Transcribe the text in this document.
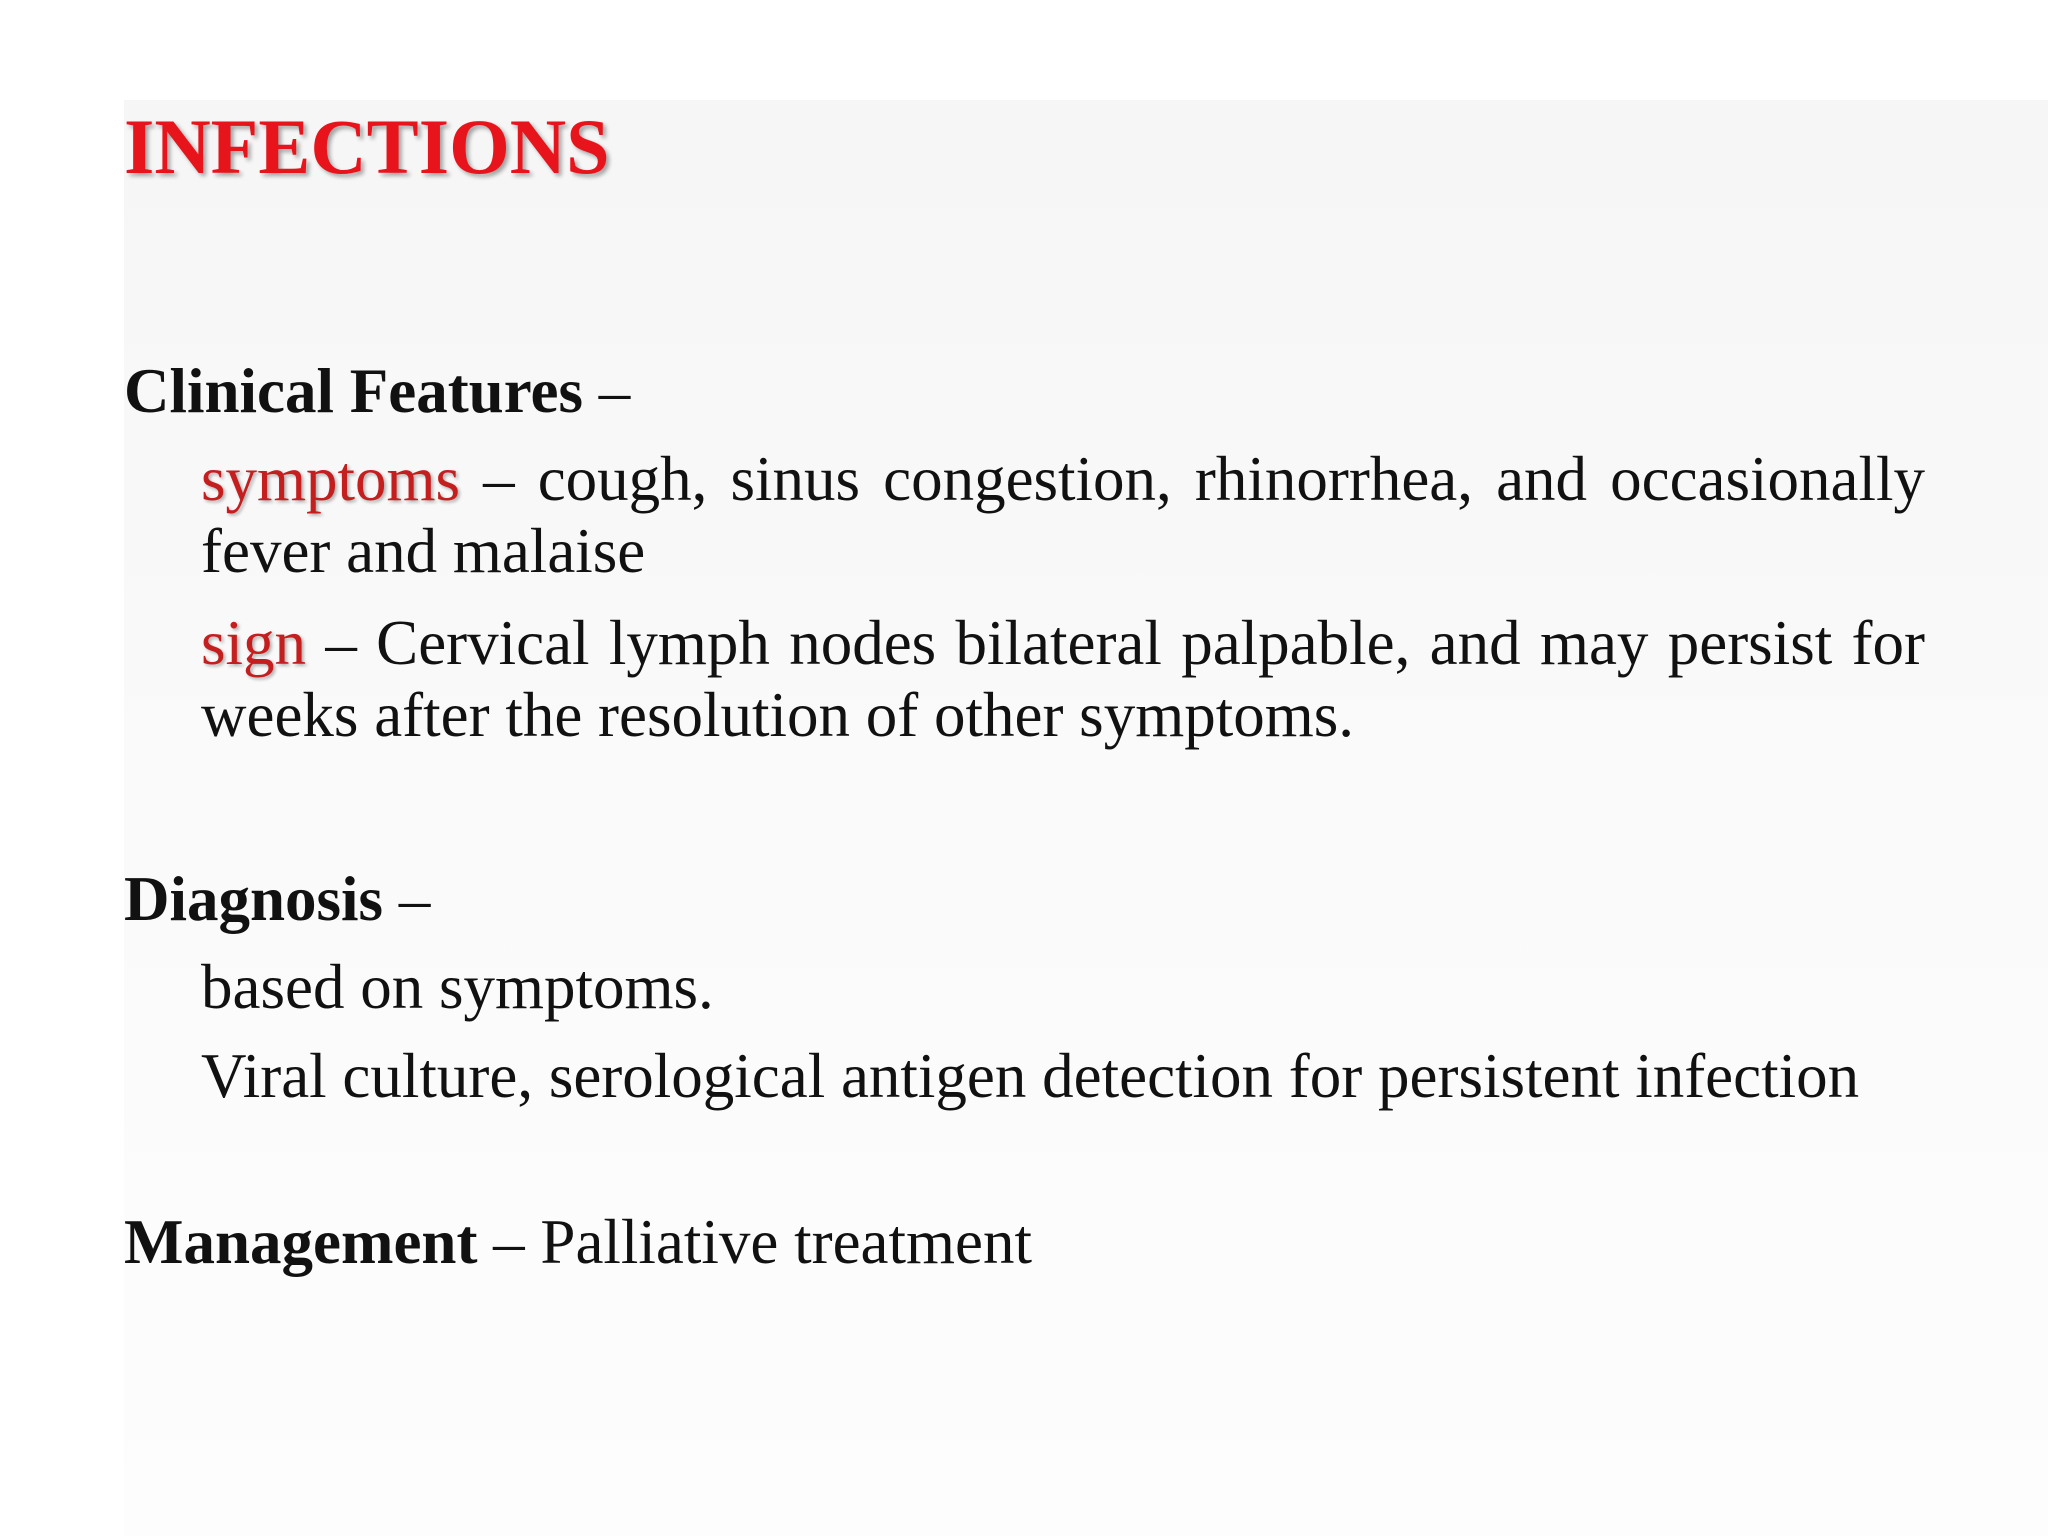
INFECTIONS
Clinical Features –
symptoms – cough, sinus congestion, rhinorrhea, and occasionally fever and malaise
sign – Cervical lymph nodes bilateral palpable, and may persist for weeks after the resolution of other symptoms.
Diagnosis –
based on symptoms.
Viral culture, serological antigen detection for persistent infection
Management – Palliative treatment
